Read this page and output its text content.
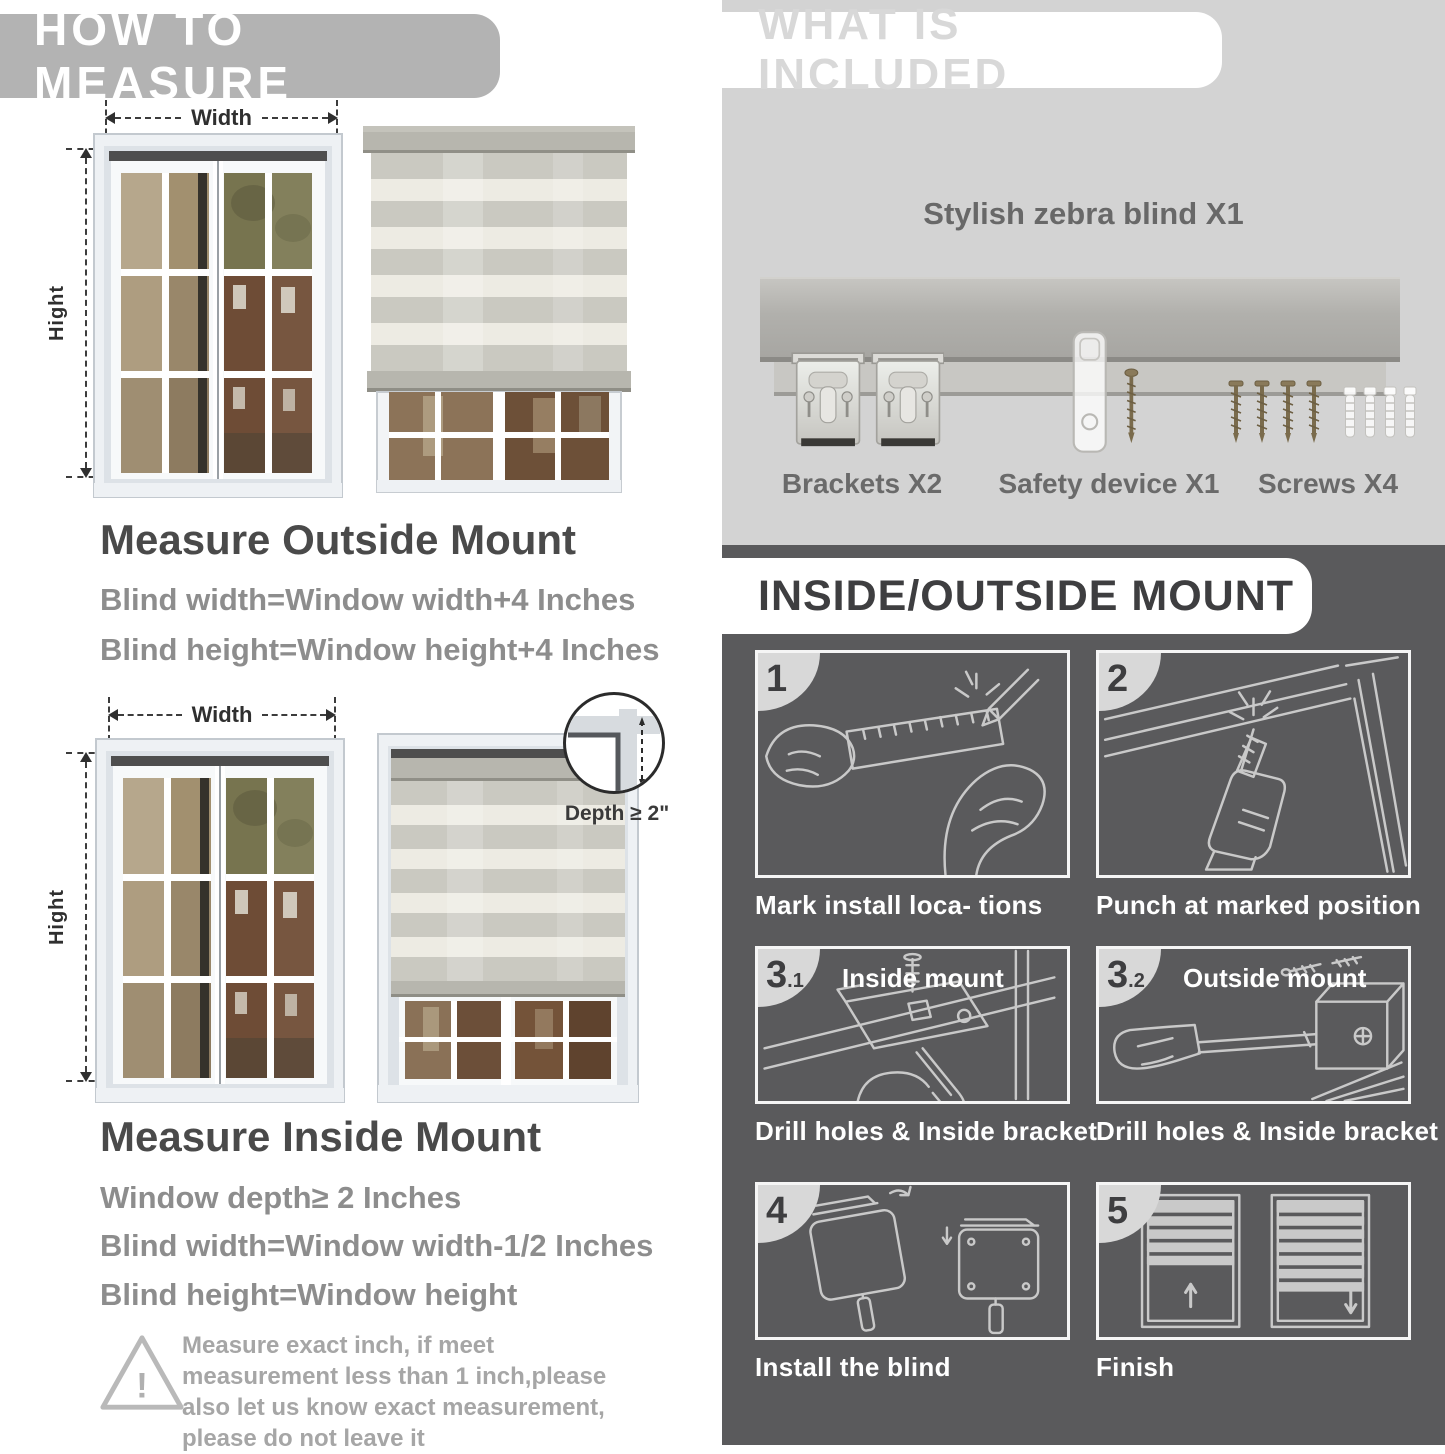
HOW TO MEASURE
Width
Hight
Measure Outside Mount
Blind width=Window width+4 Inches
Blind height=Window height+4 Inches
Width
Hight
Depth ≥ 2"
Measure Inside Mount
Window depth≥ 2 Inches
Blind width=Window width-1/2 Inches
Blind height=Window height
!
Measure exact inch, if meet measurement less than 1 inch,please also let us know exact measurement, please do not leave it
WHAT IS INCLUDED
Stylish zebra blind X1
Brackets X2	Safety device X1	Screws X4
INSIDE/OUTSIDE MOUNT
1	2
Mark install loca- tions Punch at marked position
3.1	Inside mount	3.2	Outside mount
Drill holes & Inside bracket
Drill holes & Inside bracket
4	5
Install the blind	Finish
